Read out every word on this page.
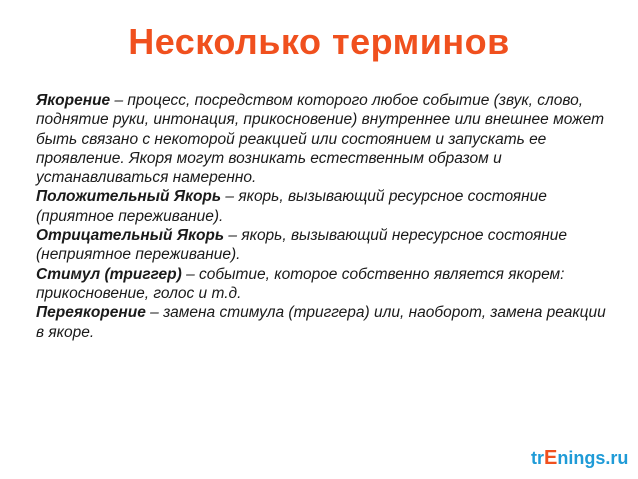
Несколько терминов

Якорение – процесс, посредством которого любое событие (звук, слово, поднятие руки, интонация, прикосновение) внутреннее или внешнее может быть связано с некоторой реакцией или состоянием и запускать ее проявление. Якоря могут возникать естественным образом и устанавливаться намеренно.

Положительный Якорь – якорь, вызывающий ресурсное состояние (приятное переживание).

Отрицательный Якорь – якорь, вызывающий нересурсное состояние (неприятное переживание).

Стимул (триггер) – событие, которое собственно является якорем: прикосновение, голос и т.д.

Переякорение – замена стимула (триггера) или, наоборот, замена реакции в якоре.

trEnings.ru
